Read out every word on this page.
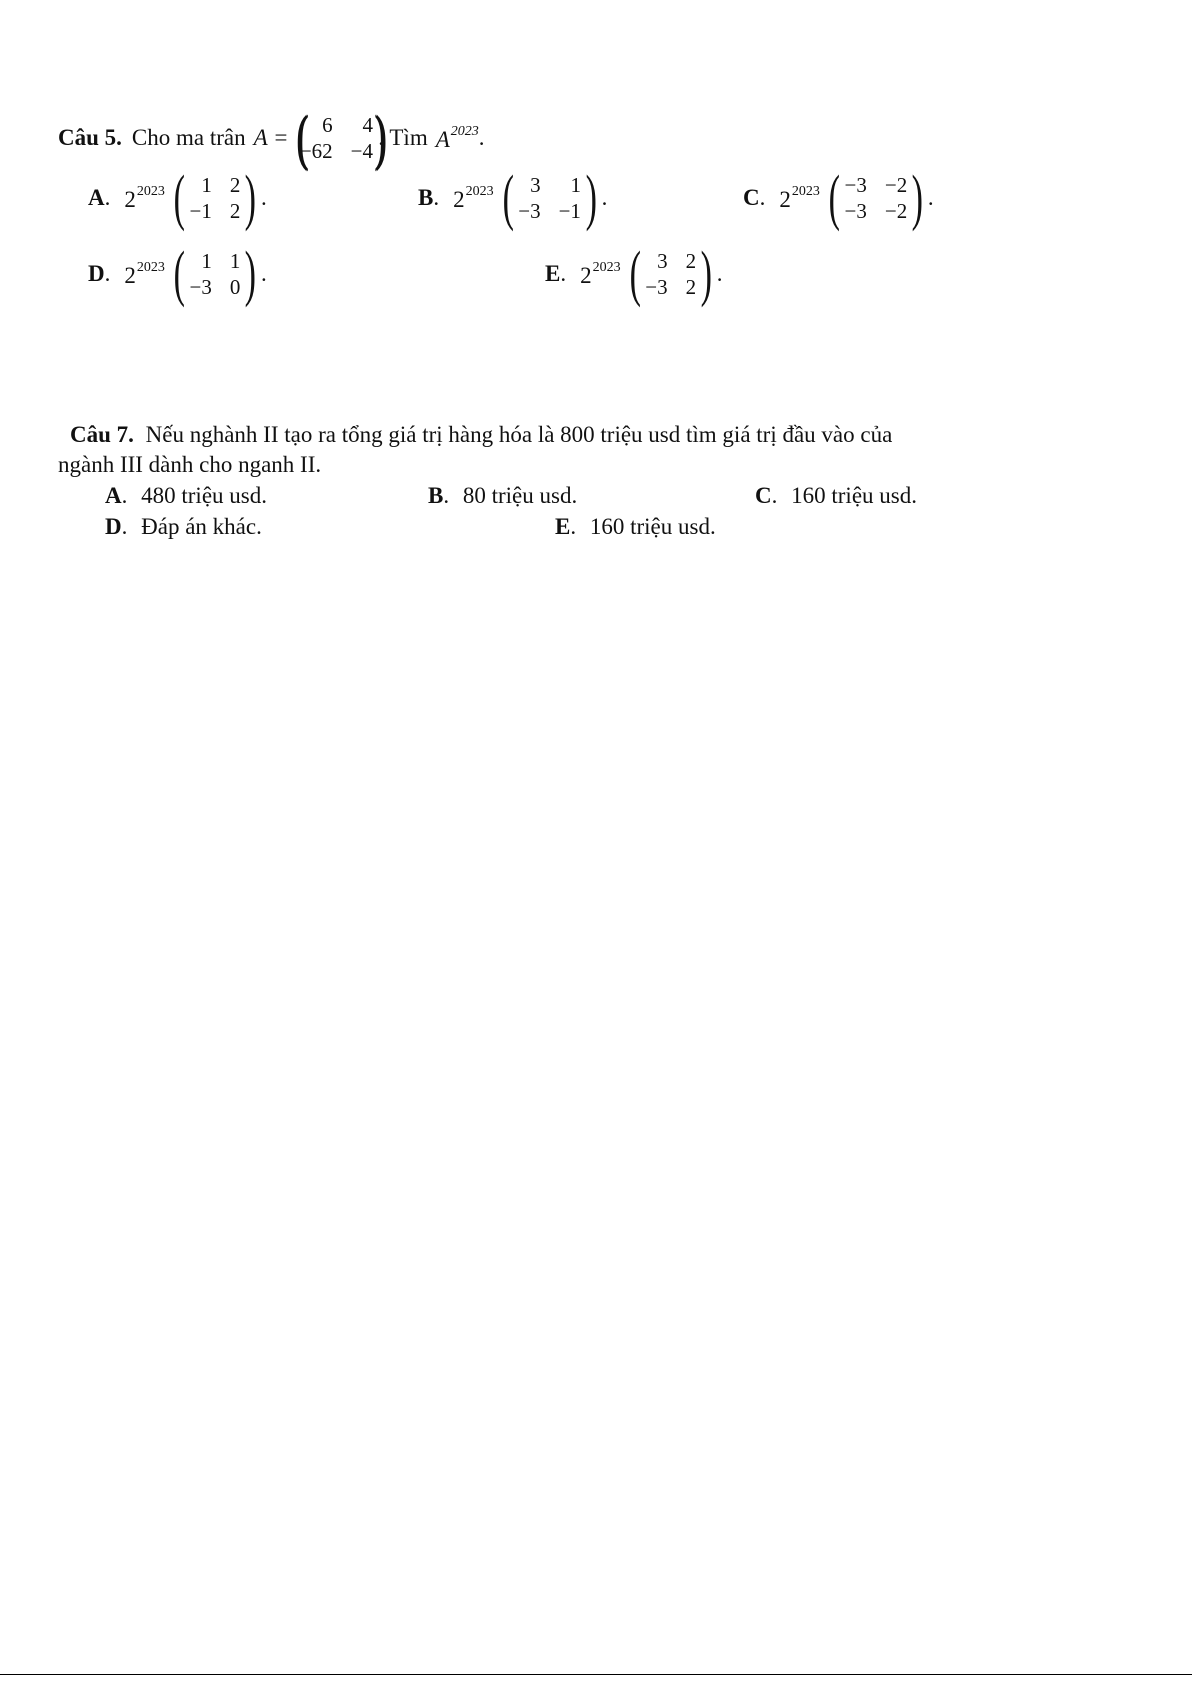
Câu 5. Cho ma trân A = ((	6	4
−62 −4 )) . Tìm $A^{2023}$ .
A . $2^{2023}$ ( 1 2
−1 2 ) .	B . $2^{2023}$ ( 3	1
−3 −1 ) .	C . $2^{2023}$ ( −3 −2
−3 −2 ) .
D . $2^{2023}$ ( 1 1
−3 0 ) .	E . $2^{2023}$ ( 3 2
−3 2 ) .
Câu 7. Nếu nghành II tạo ra tổng giá trị hàng hóa là 800 triệu usd tìm giá trị đầu vào của
ngành III dành cho nganh II.
A. 480 triệu usd.	B. 80 triệu usd.	C. 160 triệu usd.
D. Đáp án khác.	E. 160 triệu usd.
